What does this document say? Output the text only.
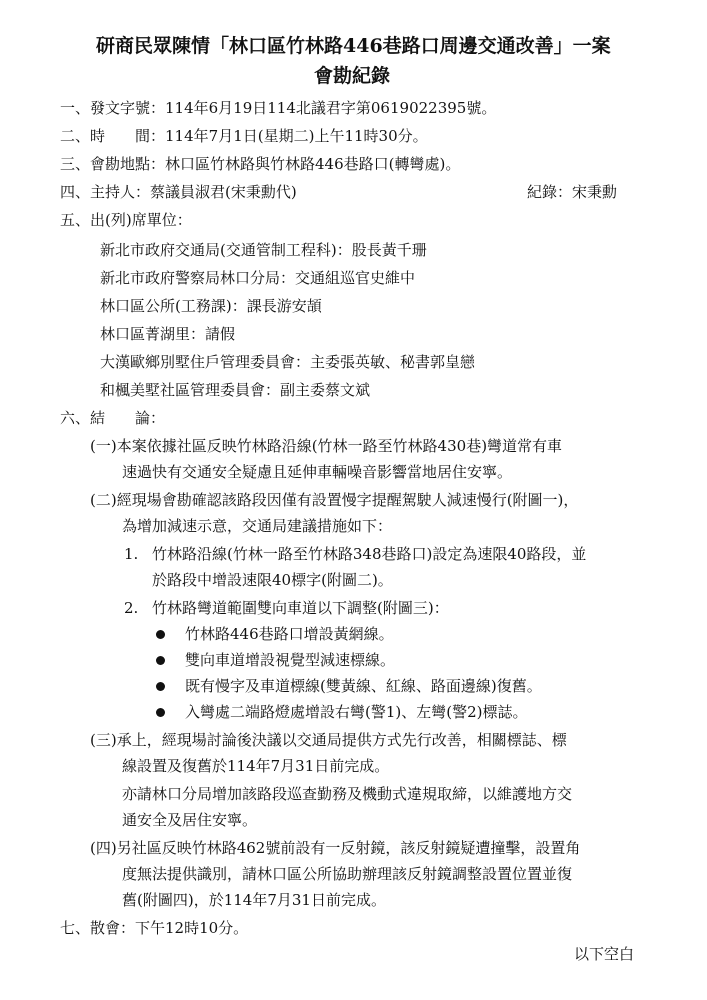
研商民眾陳情「林口區竹林路446巷路口周邊交通改善」一案
會勘紀錄
一、發文字號：114年6月19日114北議君字第0619022395號。
二、時　　間：114年7月1日(星期二)上午11時30分。
三、會勘地點：林口區竹林路與竹林路446巷路口(轉彎處)。
四、主持人：蔡議員淑君(宋秉勳代)	紀錄：宋秉勳
五、出(列)席單位：
新北市政府交通局(交通管制工程科)：股長黃千珊
新北市政府警察局林口分局：交通組巡官史維中
林口區公所(工務課)：課長游安頡
林口區菁湖里：請假
大漢歐鄉別墅住戶管理委員會：主委張英敏、秘書郭皇戀
和楓美墅社區管理委員會：副主委蔡文斌
六、結　　論：
(一)本案依據社區反映竹林路沿線(竹林一路至竹林路430巷)彎道常有車
速過快有交通安全疑慮且延伸車輛噪音影響當地居住安寧。
(二)經現場會勘確認該路段因僅有設置慢字提醒駕駛人減速慢行(附圖一)，
為增加減速示意，交通局建議措施如下：
1. 竹林路沿線(竹林一路至竹林路348巷路口)設定為速限40路段，並
於路段中增設速限40標字(附圖二)。
2. 竹林路彎道範圍雙向車道以下調整(附圖三)：
竹林路446巷路口增設黃網線。
雙向車道增設視覺型減速標線。
既有慢字及車道標線(雙黃線、紅線、路面邊線)復舊。
入彎處二端路燈處增設右彎(警1)、左彎(警2)標誌。
(三)承上，經現場討論後決議以交通局提供方式先行改善，相關標誌、標
線設置及復舊於114年7月31日前完成。
亦請林口分局增加該路段巡查勤務及機動式違規取締，以維護地方交
通安全及居住安寧。
(四)另社區反映竹林路462號前設有一反射鏡，該反射鏡疑遭撞擊，設置角
度無法提供識別，請林口區公所協助辦理該反射鏡調整設置位置並復
舊(附圖四)，於114年7月31日前完成。
七、散會：下午12時10分。
以下空白
